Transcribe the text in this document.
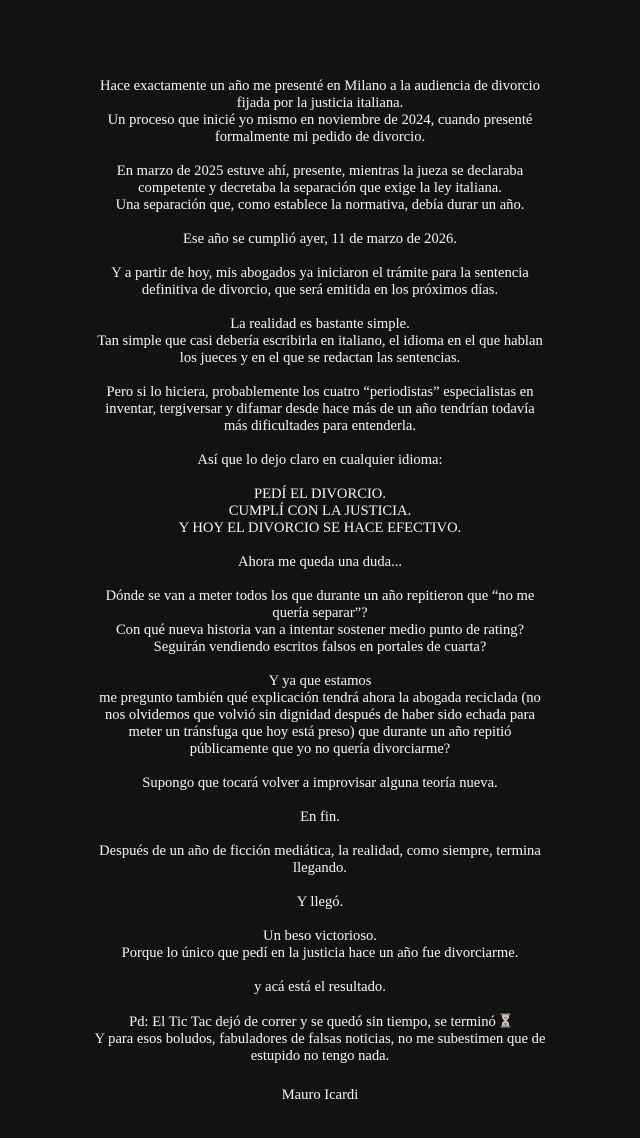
Hace exactamente un año me presenté en Milano a la audiencia de divorcio
fijada por la justicia italiana.
Un proceso que inicié yo mismo en noviembre de 2024, cuando presenté
formalmente mi pedido de divorcio.
En marzo de 2025 estuve ahí, presente, mientras la jueza se declaraba
competente y decretaba la separación que exige la ley italiana.
Una separación que, como establece la normativa, debía durar un año.
Ese año se cumplió ayer, 11 de marzo de 2026.
Y a partir de hoy, mis abogados ya iniciaron el trámite para la sentencia
definitiva de divorcio, que será emitida en los próximos días.
La realidad es bastante simple.
Tan simple que casi debería escribirla en italiano, el idioma en el que hablan
los jueces y en el que se redactan las sentencias.
Pero si lo hiciera, probablemente los cuatro “periodistas” especialistas en
inventar, tergiversar y difamar desde hace más de un año tendrían todavía
más dificultades para entenderla.
Así que lo dejo claro en cualquier idioma:
PEDÍ EL DIVORCIO.
CUMPLÍ CON LA JUSTICIA.
Y HOY EL DIVORCIO SE HACE EFECTIVO.
Ahora me queda una duda...
Dónde se van a meter todos los que durante un año repitieron que “no me
quería separar”?
Con qué nueva historia van a intentar sostener medio punto de rating?
Seguirán vendiendo escritos falsos en portales de cuarta?
Y ya que estamos
me pregunto también qué explicación tendrá ahora la abogada reciclada (no
nos olvidemos que volvió sin dignidad después de haber sido echada para
meter un tránsfuga que hoy está preso) que durante un año repitió
públicamente que yo no quería divorciarme?
Supongo que tocará volver a improvisar alguna teoría nueva.
En fin.
Después de un año de ficción mediática, la realidad, como siempre, termina
llegando.
Y llegó.
Un beso victorioso.
Porque lo único que pedí en la justicia hace un año fue divorciarme.
y acá está el resultado.
Pd: El Tic Tac dejó de correr y se quedó sin tiempo, se terminó
Y para esos boludos, fabuladores de falsas noticias, no me subestimen que de
estupido no tengo nada.
Mauro Icardi
